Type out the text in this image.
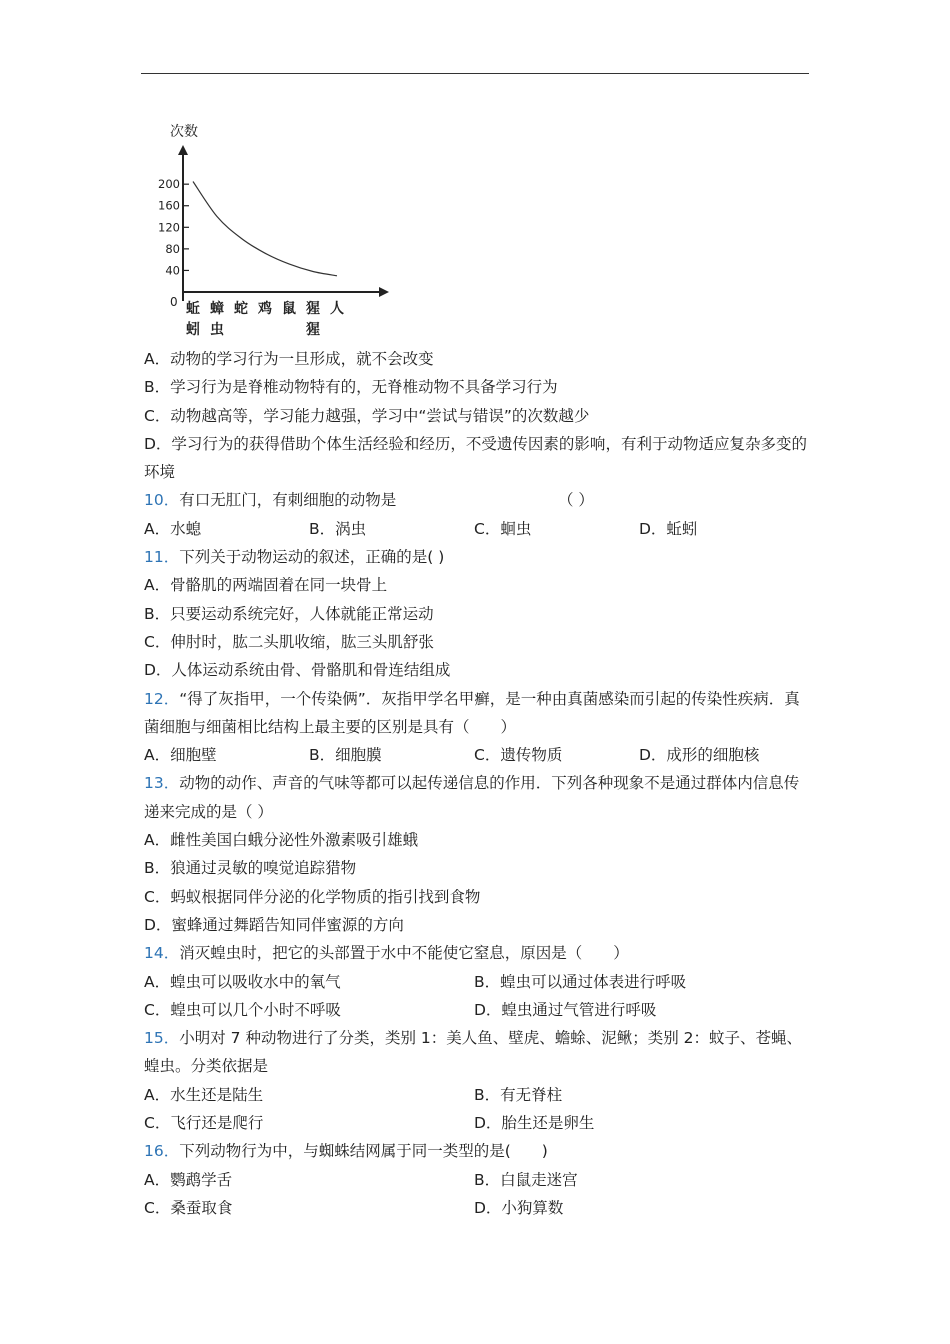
次数
0
40
80
120
160
200
蚯
蚓
蟑
虫
蛇 鸡 鼠 猩
猩
人
A．动物的学习行为一旦形成，就不会改变
B．学习行为是脊椎动物特有的，无脊椎动物不具备学习行为
C．动物越高等，学习能力越强，学习中“尝试与错误”的次数越少
D．学习行为的获得借助个体生活经验和经历，不受遗传因素的影响，有利于动物适应复杂多变的环境
10．有口无肛门，有刺细胞的动物是	（ ）
A．水螅	B．涡虫	C．蛔虫	D．蚯蚓
11．下列关于动物运动的叙述，正确的是( )
A．骨骼肌的两端固着在同一块骨上
B．只要运动系统完好，人体就能正常运动
C．伸肘时，肱二头肌收缩，肱三头肌舒张
D．人体运动系统由骨、骨骼肌和骨连结组成
12．“得了灰指甲，一个传染俩”．灰指甲学名甲癣，是一种由真菌感染而引起的传染性疾病．真菌细胞与细菌相比结构上最主要的区别是具有（　　）
A．细胞壁	B．细胞膜	C．遗传物质	D．成形的细胞核
13．动物的动作、声音的气味等都可以起传递信息的作用．下列各种现象不是通过群体内信息传递来完成的是（ ）
A．雌性美国白蛾分泌性外激素吸引雄蛾
B．狼通过灵敏的嗅觉追踪猎物
C．蚂蚁根据同伴分泌的化学物质的指引找到食物
D．蜜蜂通过舞蹈告知同伴蜜源的方向
14．消灭蝗虫时，把它的头部置于水中不能使它窒息，原因是（　　）
A．蝗虫可以吸收水中的氧气	B．蝗虫可以通过体表进行呼吸
C．蝗虫可以几个小时不呼吸	D．蝗虫通过气管进行呼吸
15．小明对 7 种动物进行了分类，类别 1：美人鱼、壁虎、蟾蜍、泥鳅；类别 2：蚊子、苍蝇、蝗虫。分类依据是
A．水生还是陆生	B．有无脊柱
C．飞行还是爬行	D．胎生还是卵生
16．下列动物行为中，与蜘蛛结网属于同一类型的是(　　)
A．鹦鹉学舌	B．白鼠走迷宫
C．桑蚕取食	D．小狗算数
